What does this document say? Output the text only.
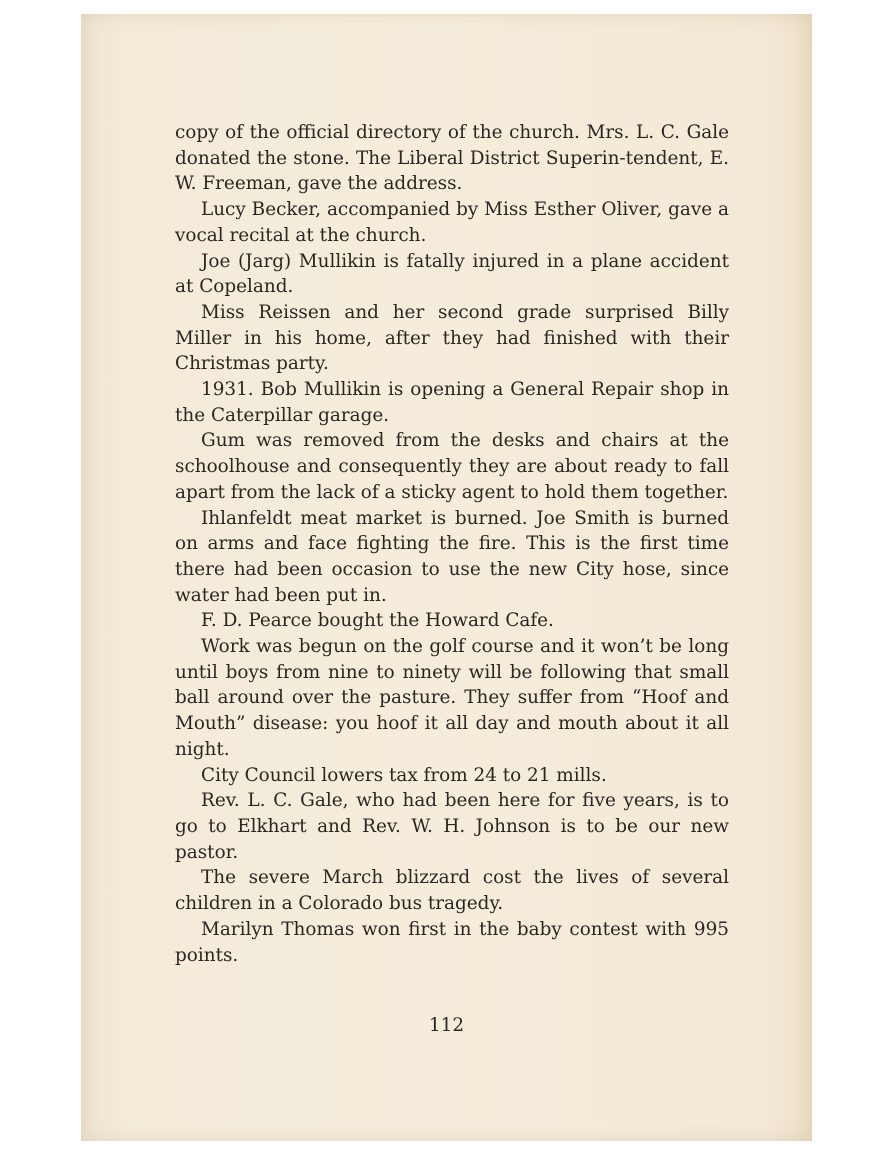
copy of the official directory of the church. Mrs. L. C. Gale donated the stone. The Liberal District Superin-tendent, E. W. Freeman, gave the address.

Lucy Becker, accompanied by Miss Esther Oliver, gave a vocal recital at the church.

Joe (Jarg) Mullikin is fatally injured in a plane accident at Copeland.

Miss Reissen and her second grade surprised Billy Miller in his home, after they had finished with their Christmas party.

1931. Bob Mullikin is opening a General Repair shop in the Caterpillar garage.

Gum was removed from the desks and chairs at the schoolhouse and consequently they are about ready to fall apart from the lack of a sticky agent to hold them together.

Ihlanfeldt meat market is burned. Joe Smith is burned on arms and face fighting the fire. This is the first time there had been occasion to use the new City hose, since water had been put in.

F. D. Pearce bought the Howard Cafe.

Work was begun on the golf course and it won’t be long until boys from nine to ninety will be following that small ball around over the pasture. They suffer from “Hoof and Mouth” disease: you hoof it all day and mouth about it all night.

City Council lowers tax from 24 to 21 mills.

Rev. L. C. Gale, who had been here for five years, is to go to Elkhart and Rev. W. H. Johnson is to be our new pastor.

The severe March blizzard cost the lives of several children in a Colorado bus tragedy.

Marilyn Thomas won first in the baby contest with 995 points.

112
